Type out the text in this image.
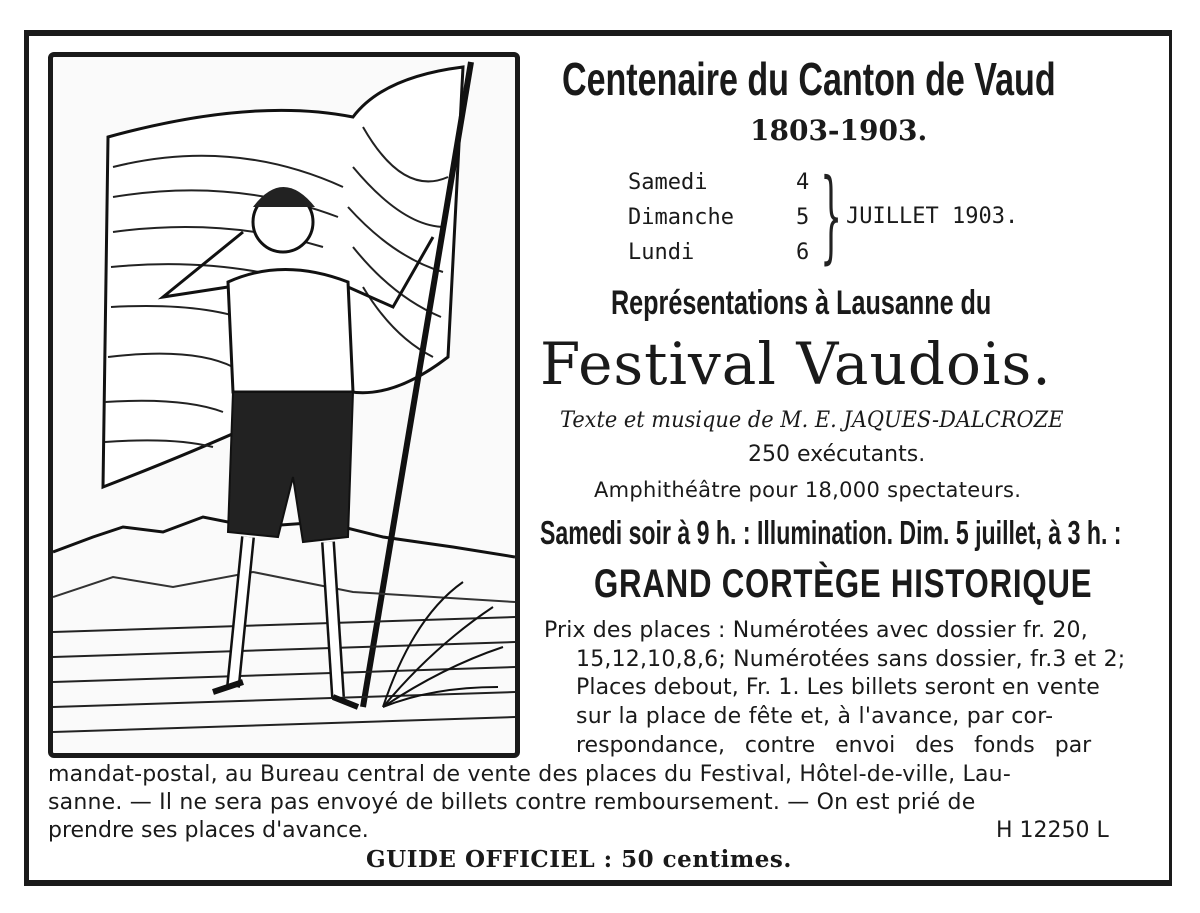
Centenaire du Canton de Vaud
1803-1903.
Samedi	4
Dimanche	5
Lundi	6 } JUILLET 1903.
Représentations à Lausanne du
Festival Vaudois.
Texte et musique de M. E. JAQUES-DALCROZE
250 exécutants.
Amphithéâtre pour 18,000 spectateurs.
Samedi soir à 9 h. : Illumination. Dim. 5 juillet, à 3 h. :
GRAND CORTÈGE HISTORIQUE
Prix des places : Numérotées avec dossier fr. 20,
15,12,10,8,6; Numérotées sans dossier, fr.3 et 2;
Places debout, Fr. 1. Les billets seront en vente
sur la place de fête et, à l'avance, par cor-
respondance, contre envoi des fonds par
mandat-postal, au Bureau central de vente des places du Festival, Hôtel-de-ville, Lau-
sanne. — Il ne sera pas envoyé de billets contre remboursement. — On est prié de
prendre ses places d'avance.	H 12250 L
GUIDE OFFICIEL : 50 centimes.
